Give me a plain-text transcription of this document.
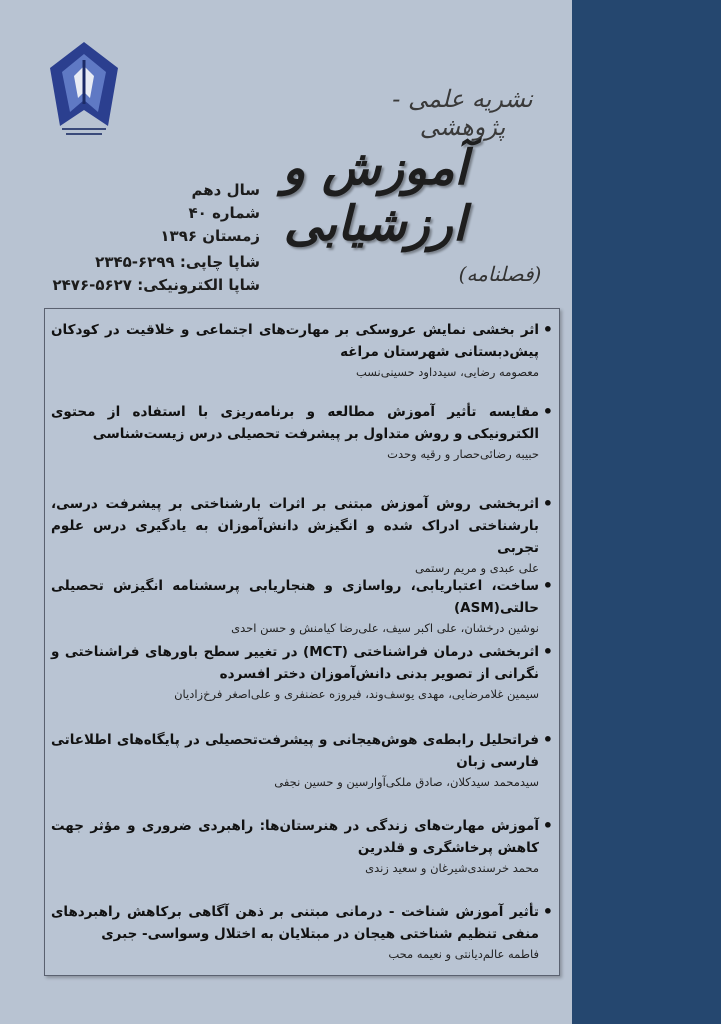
نشریه علمی - پژوهشی
آموزش و ارزشیابی
(فصلنامه)
سال دهم
شماره ۴۰
زمستان ۱۳۹۶
شاپا چاپی: ۶۲۹۹-۲۳۴۵
شاپا الکترونیکی: ۵۶۲۷-۲۴۷۶
• اثر بخشی نمایش عروسکی بر مهارت‌های اجتماعی و خلاقیت در کودکان پیش‌دبستانی شهرستان مراغه
معصومه رضایی، سیدداود حسینی‌نسب
• مقایسه تأثیر آموزش مطالعه و برنامه‌ریزی با استفاده از محتوی الکترونیکی و روش متداول بر پیشرفت تحصیلی درس زیست‌شناسی
حبیبه رضائی‌حصار و رقیه وحدت
• اثربخشی روش آموزش مبتنی بر اثرات بارشناختی بر پیشرفت درسی، بارشناختی ادراک شده و انگیزش دانش‌آموزان به یادگیری درس علوم تجربی
علی عبدی و مریم رستمی
• ساخت، اعتباریابی، رواسازی و هنجاریابی پرسشنامه انگیزش تحصیلی حالتی(ASM)
نوشین درخشان، علی اکبر سیف، علی‌رضا کیامنش و حسن احدی
• اثربخشی درمان فراشناختی (MCT) در تغییر سطح باورهای فراشناختی و نگرانی از تصویر بدنی دانش‌آموزان دختر افسرده
سیمین غلامرضایی، مهدی یوسف‌وند، فیروزه عضنفری و علی‌اصغر فرخ‌زادیان
• فراتحلیل رابطه‌ی هوش‌هیجانی و پیشرفت‌تحصیلی در پایگاه‌های اطلاعاتی فارسی زبان
سیدمحمد سیدکلان، صادق ملکی‌آوارسین و حسین نجفی
• آموزش مهارت‌های زندگی در هنرستان‌ها: راهبردی ضروری و مؤثر جهت کاهش پرخاشگری و قلدرین
محمد خرسندی‌شیرغان و سعید زندی
• تأثیر آموزش شناخت - درمانی مبتنی بر ذهن آگاهی برکاهش راهبردهای منفی تنظیم شناختی هیجان در مبتلایان به اختلال وسواسی- جبری
فاطمه عالم‌دیانتی و نعیمه محب
